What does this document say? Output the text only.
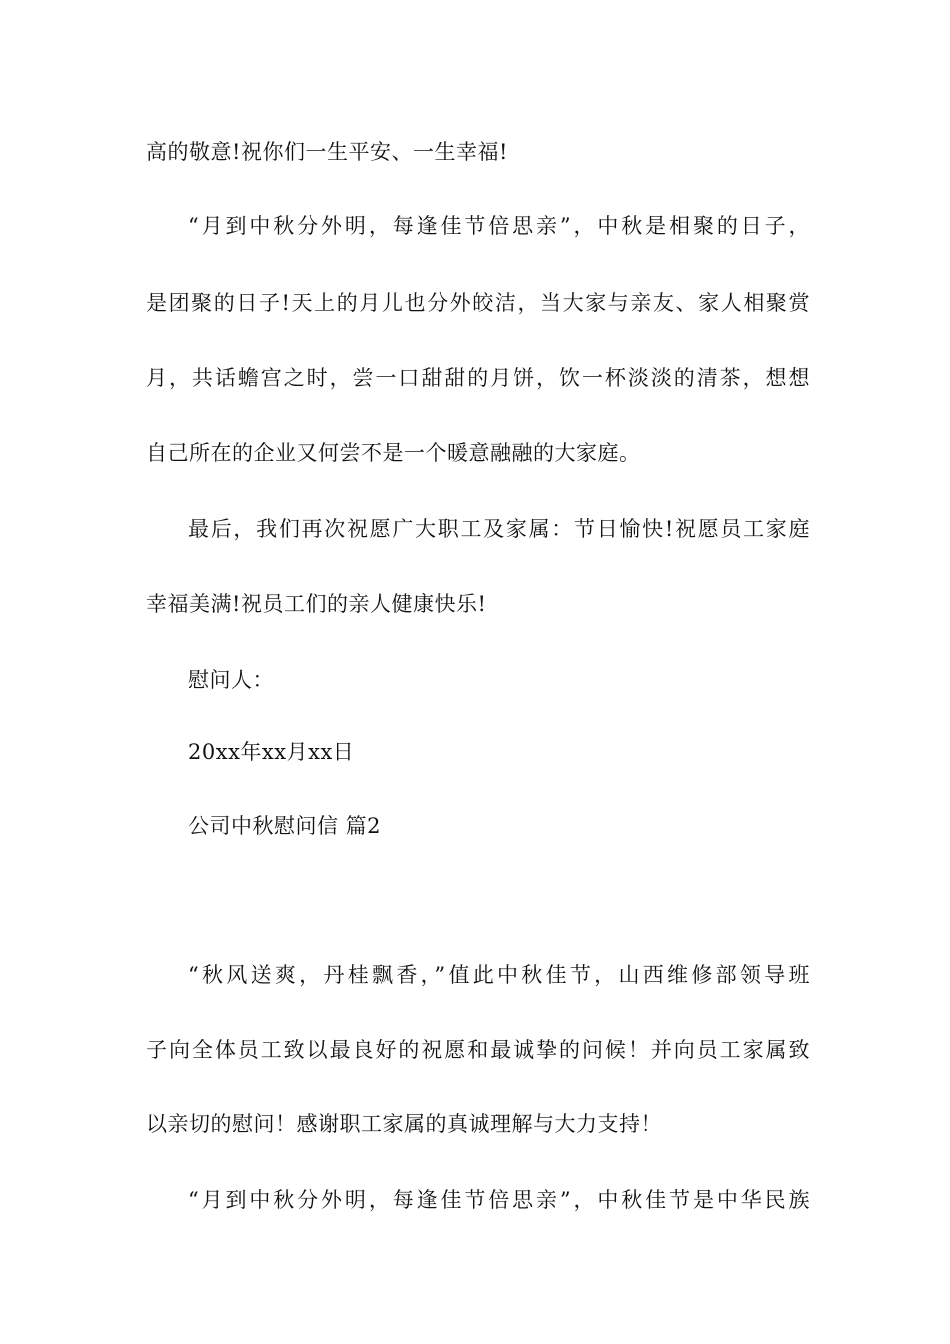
高的敬意!祝你们一生平安、一生幸福!
“月到中秋分外明，每逢佳节倍思亲”，中秋是相聚的日子，
是团聚的日子!天上的月儿也分外皎洁，当大家与亲友、家人相聚赏
月，共话蟾宫之时，尝一口甜甜的月饼，饮一杯淡淡的清茶，想想
自己所在的企业又何尝不是一个暖意融融的大家庭。
最后，我们再次祝愿广大职工及家属：节日愉快!祝愿员工家庭
幸福美满!祝员工们的亲人健康快乐!
慰问人：
20xx年xx月xx日
公司中秋慰问信 篇2
“秋风送爽，丹桂飘香，”值此中秋佳节，山西维修部领导班
子向全体员工致以最良好的祝愿和最诚挚的问候！并向员工家属致
以亲切的慰问！感谢职工家属的真诚理解与大力支持！
“月到中秋分外明，每逢佳节倍思亲”，中秋佳节是中华民族
